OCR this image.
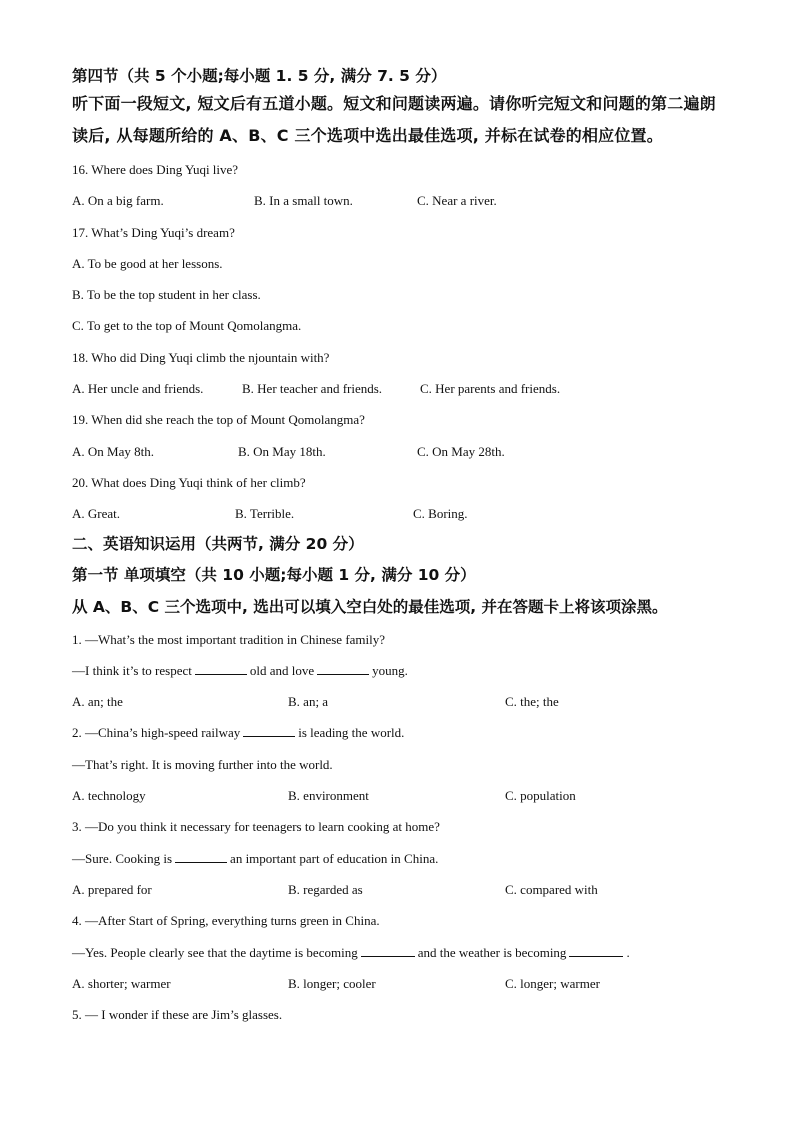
第四节（共 5 个小题;每小题 1. 5 分, 满分 7. 5 分）

听下面一段短文, 短文后有五道小题。短文和问题读两遍。请你听完短文和问题的第二遍朗读后, 从每题所给的 A、B、C 三个选项中选出最佳选项, 并标在试卷的相应位置。
16. Where does Ding Yuqi live?
A. On a big farm.	B. In a small town.	C. Near a river.
17. What’s Ding Yuqi’s dream?
A. To be good at her lessons.
B. To be the top student in her class.
C. To get to the top of Mount Qomolangma.
18. Who did Ding Yuqi climb the njountain with?
A. Her uncle and friends.	B. Her teacher and friends.	C. Her parents and friends.
19. When did she reach the top of Mount Qomolangma?
A. On May 8th.	B. On May 18th.	C. On May 28th.
20. What does Ding Yuqi think of her climb?
A. Great.	B. Terrible.	C. Boring.

二、英语知识运用（共两节, 满分 20 分）

第一节 单项填空（共 10 小题;每小题 1 分, 满分 10 分）

从 A、B、C 三个选项中, 选出可以填入空白处的最佳选项, 并在答题卡上将该项涂黑。

1. —What’s the most important tradition in Chinese family?
—I think it’s to respect	old and love	young.
A. an; the	B. an; a	C. the; the
2. —China’s high-speed railway	is leading the world.
—That’s right. It is moving further into the world.
A. technology	B. environment	C. population
3. —Do you think it necessary for teenagers to learn cooking at home?
—Sure. Cooking is	an important part of education in China.
A. prepared for	B. regarded as	C. compared with
4. —After Start of Spring, everything turns green in China.
—Yes. People clearly see that the daytime is becoming	and the weather is becoming	.
A. shorter; warmer	B. longer; cooler	C. longer; warmer
5. — I wonder if these are Jim’s glasses.
